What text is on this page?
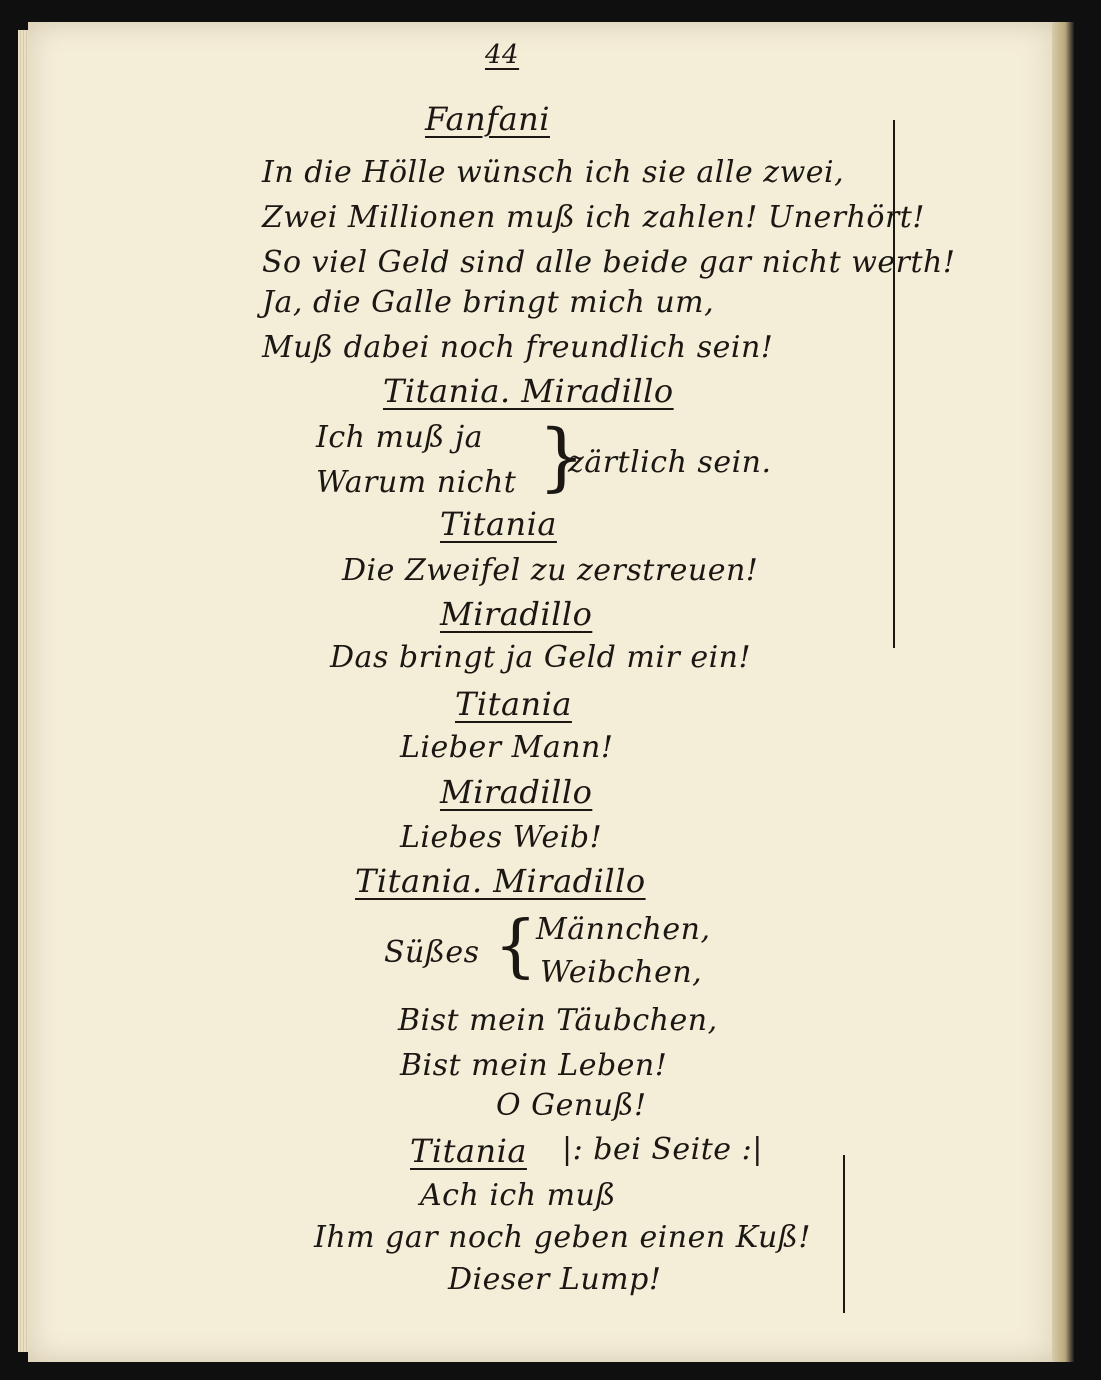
44
Fanfani
In die Hölle wünsch ich sie alle zwei,
Zwei Millionen muß ich zahlen! Unerhört!
So viel Geld sind alle beide gar nicht werth!
Ja, die Galle bringt mich um,
Muß dabei noch freundlich sein!
Titania. Miradillo
Ich muß ja
Warum nicht }
zärtlich sein.
Titania
Die Zweifel zu zerstreuen!
Miradillo
Das bringt ja Geld mir ein!
Titania
Lieber Mann!
Miradillo
Liebes Weib!
Titania. Miradillo
Süßes {
Männchen,
Weibchen,
Bist mein Täubchen,
Bist mein Leben!
O Genuß!
Titania |: bei Seite :|
Ach ich muß
Ihm gar noch geben einen Kuß!
Dieser Lump!
